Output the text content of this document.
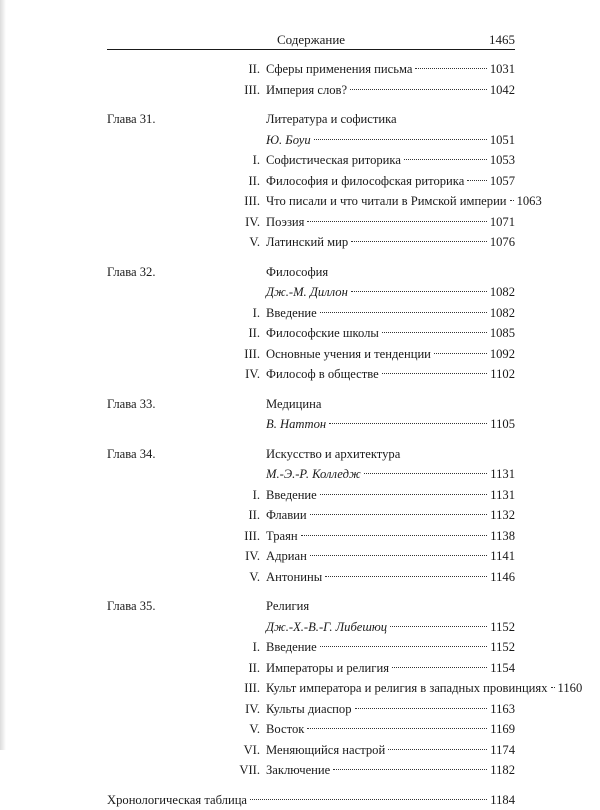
Содержание	1465
II. Сферы применения письма	1031
III. Империя слов?	1042
Глава 31.	Литература и софистика
Ю. Боуи	1051
I. Софистическая риторика	1053
II. Философия и философская риторика 1057
III. Что писали и что читали в Римской империи 1063
IV. Поэзия	1071
V. Латинский мир	1076
Глава 32.	Философия
Дж.-М. Диллон	1082
I. Введение	1082
II. Философские школы	1085
III. Основные учения и тенденции	1092
IV. Философ в обществе	1102
Глава 33.	Медицина
В. Наттон	1105
Глава 34.	Искусство и архитектура
М.-Э.-Р. Колледж	1131
I. Введение	1131
II. Флавии	1132
III. Траян	1138
IV. Адриан	1141
V. Антонины	1146
Глава 35.	Религия
Дж.-Х.-В.-Г. Либешюц	1152
I. Введение	1152
II. Императоры и религия	1154
III. Культ императора и религия в западных провинциях 1160
IV. Культы диаспор	1163
V. Восток	1169
VI. Меняющийся настрой	1174
VII. Заключение	1182
Хронологическая таблица	1184
